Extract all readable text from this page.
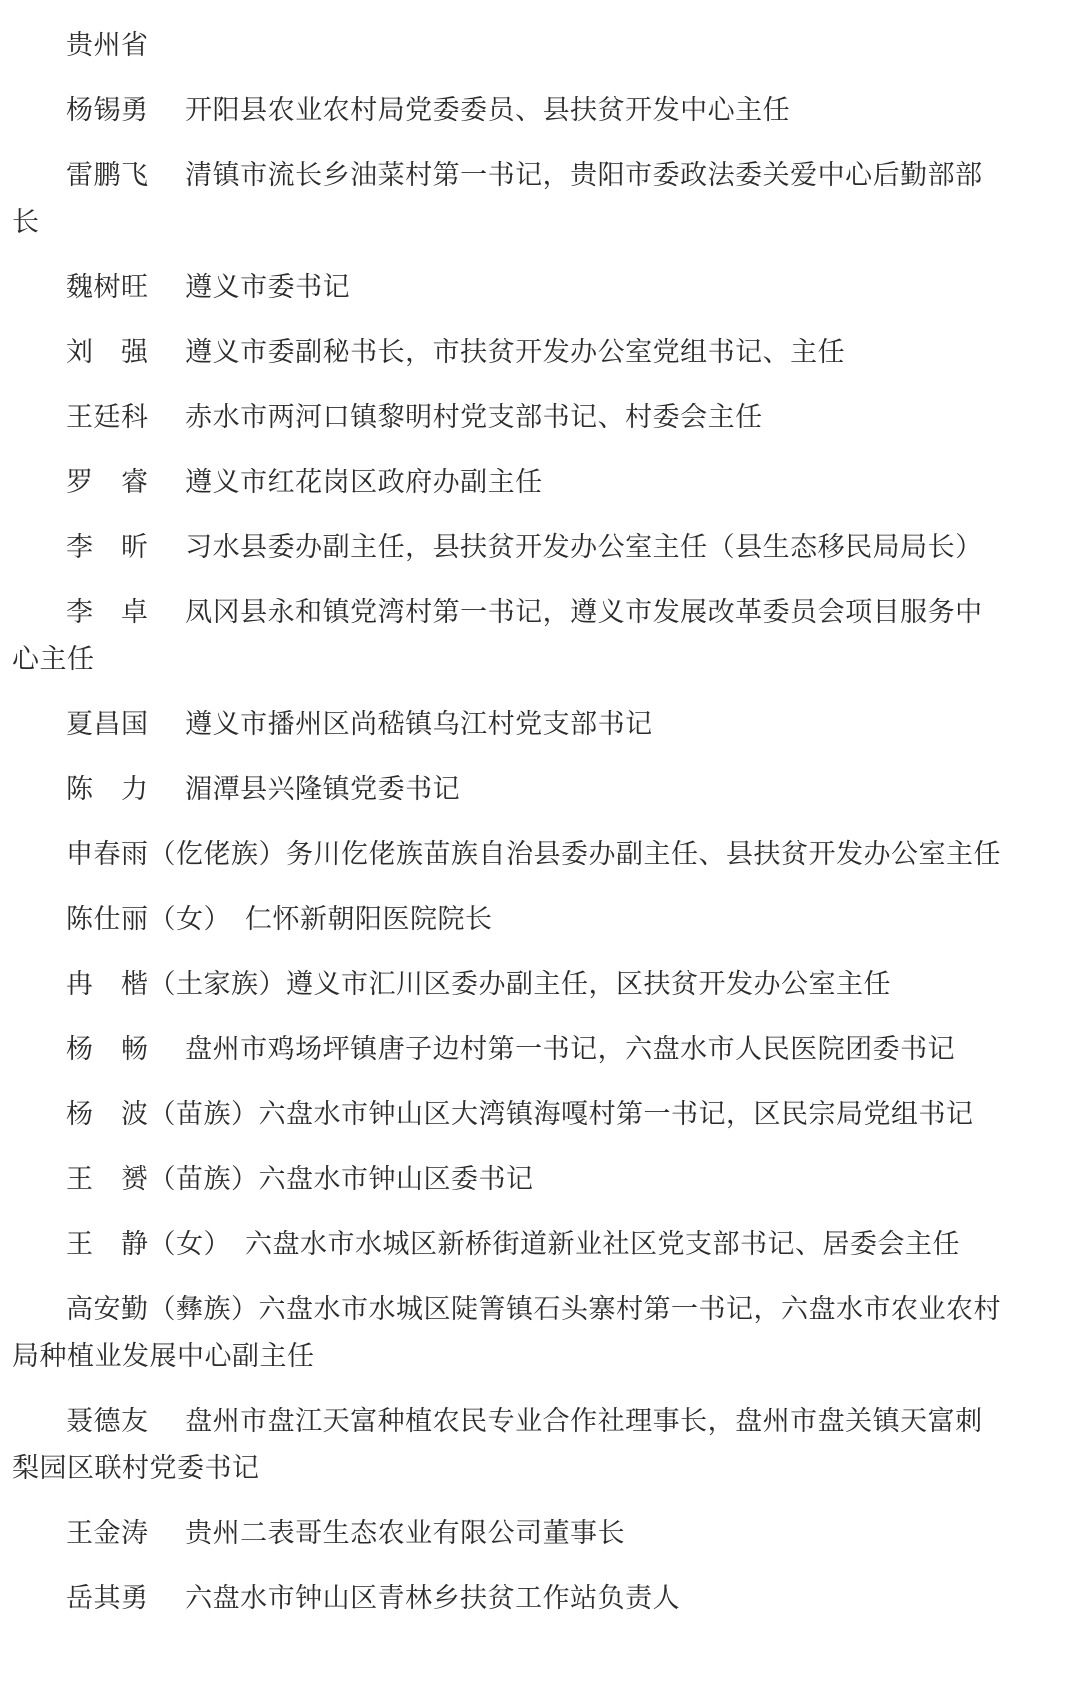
贵州省

杨锡勇　 开阳县农业农村局党委委员、县扶贫开发中心主任

雷鹏飞　 清镇市流长乡油菜村第一书记，贵阳市委政法委关爱中心后勤部部长

魏树旺　 遵义市委书记

刘　强　 遵义市委副秘书长，市扶贫开发办公室党组书记、主任

王廷科　 赤水市两河口镇黎明村党支部书记、村委会主任

罗　睿　 遵义市红花岗区政府办副主任

李　昕　 习水县委办副主任，县扶贫开发办公室主任（县生态移民局局长）

李　卓　 凤冈县永和镇党湾村第一书记，遵义市发展改革委员会项目服务中心主任

夏昌国　 遵义市播州区尚嵇镇乌江村党支部书记

陈　力　 湄潭县兴隆镇党委书记

申春雨（仡佬族）务川仡佬族苗族自治县委办副主任、县扶贫开发办公室主任

陈仕丽（女）　仁怀新朝阳医院院长

冉　楷（土家族）遵义市汇川区委办副主任，区扶贫开发办公室主任

杨　畅　 盘州市鸡场坪镇唐子边村第一书记，六盘水市人民医院团委书记

杨　波（苗族）六盘水市钟山区大湾镇海嘎村第一书记，区民宗局党组书记

王　赟（苗族）六盘水市钟山区委书记

王　静（女）　六盘水市水城区新桥街道新业社区党支部书记、居委会主任

高安勤（彝族）六盘水市水城区陡箐镇石头寨村第一书记，六盘水市农业农村局种植业发展中心副主任

聂德友　 盘州市盘江天富种植农民专业合作社理事长，盘州市盘关镇天富刺梨园区联村党委书记

王金涛　 贵州二表哥生态农业有限公司董事长

岳其勇　 六盘水市钟山区青林乡扶贫工作站负责人
